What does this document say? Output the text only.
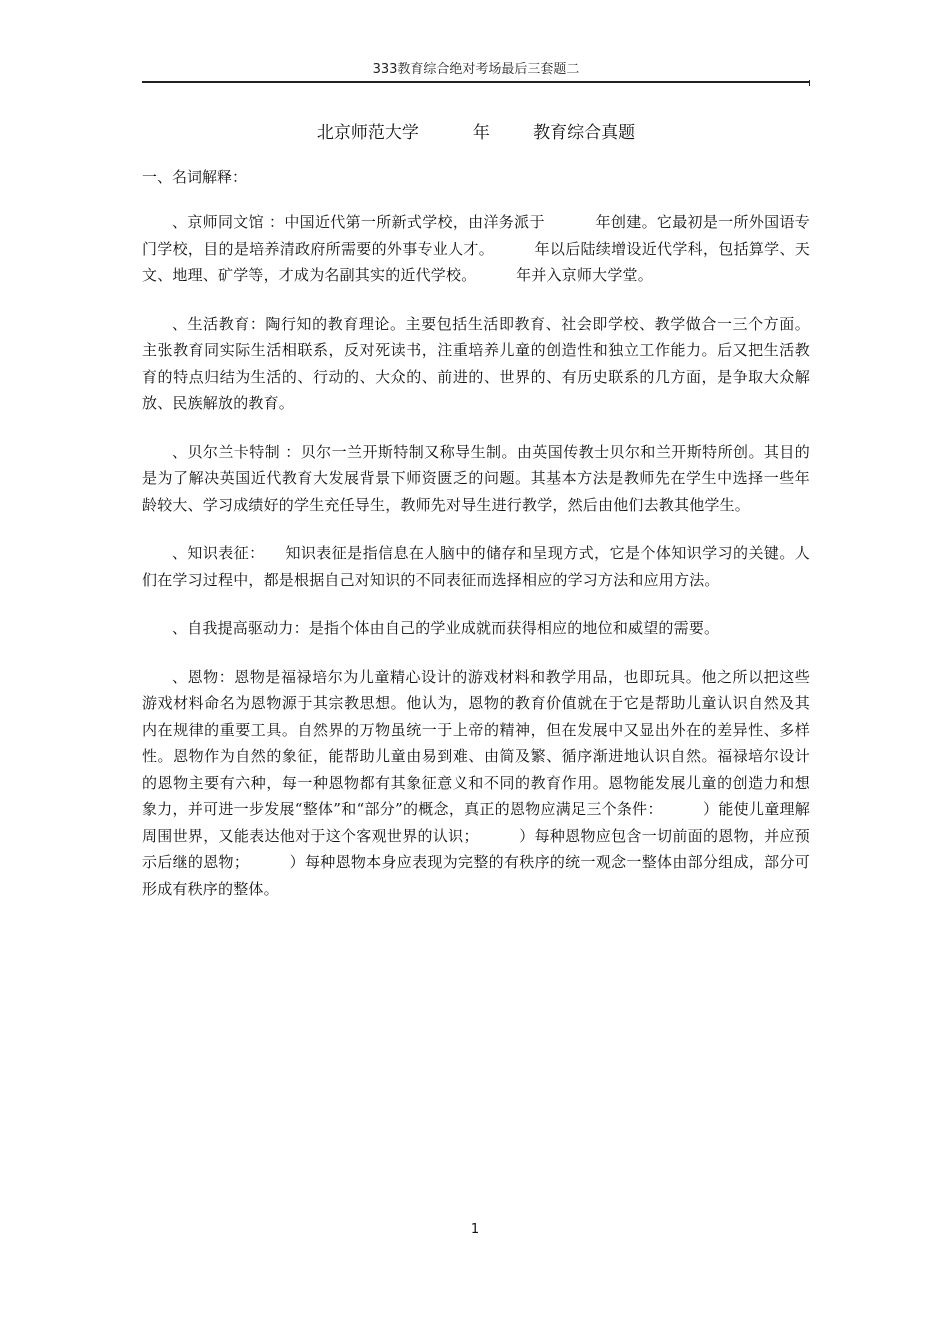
333教育综合绝对考场最后三套题二
北京师范大学          年        教育综合真题
一、名词解释：

、京师同文馆 ：中国近代第一所新式学校，由洋务派于          年创建。它最初是一所外国语专门学校，目的是培养清政府所需要的外事专业人才。        年以后陆续增设近代学科，包括算学、天文、地理、矿学等，才成为名副其实的近代学校。        年并入京师大学堂。

、生活教育：陶行知的教育理论。主要包括生活即教育、社会即学校、教学做合一三个方面。主张教育同实际生活相联系，反对死读书，注重培养儿童的创造性和独立工作能力。后又把生活教育的特点归结为生活的、行动的、大众的、前进的、世界的、有历史联系的几方面，是争取大众解放、民族解放的教育。

、贝尔兰卡特制 ：贝尔一兰开斯特制又称导生制。由英国传教士贝尔和兰开斯特所创。其目的是为了解决英国近代教育大发展背景下师资匮乏的问题。其基本方法是教师先在学生中选择一些年龄较大、学习成绩好的学生充任导生，教师先对导生进行教学，然后由他们去教其他学生。

、知识表征：    知识表征是指信息在人脑中的储存和呈现方式，它是个体知识学习的关键。人们在学习过程中，都是根据自己对知识的不同表征而选择相应的学习方法和应用方法。

、自我提高驱动力：是指个体由自己的学业成就而获得相应的地位和威望的需要。

、恩物：恩物是福禄培尔为儿童精心设计的游戏材料和教学用品，也即玩具。他之所以把这些游戏材料命名为恩物源于其宗教思想。他认为，恩物的教育价值就在于它是帮助儿童认识自然及其内在规律的重要工具。自然界的万物虽统一于上帝的精神，但在发展中又显出外在的差异性、多样性。恩物作为自然的象征，能帮助儿童由易到难、由简及繁、循序渐进地认识自然。福禄培尔设计的恩物主要有六种，每一种恩物都有其象征意义和不同的教育作用。恩物能发展儿童的创造力和想象力，并可进一步发展“整体”和“部分”的概念，真正的恩物应满足三个条件：        ）能使儿童理解周围世界，又能表达他对于这个客观世界的认识；        ）每种恩物应包含一切前面的恩物，并应预示后继的恩物；        ）每种恩物本身应表现为完整的有秩序的统一观念一整体由部分组成，部分可形成有秩序的整体。

1
